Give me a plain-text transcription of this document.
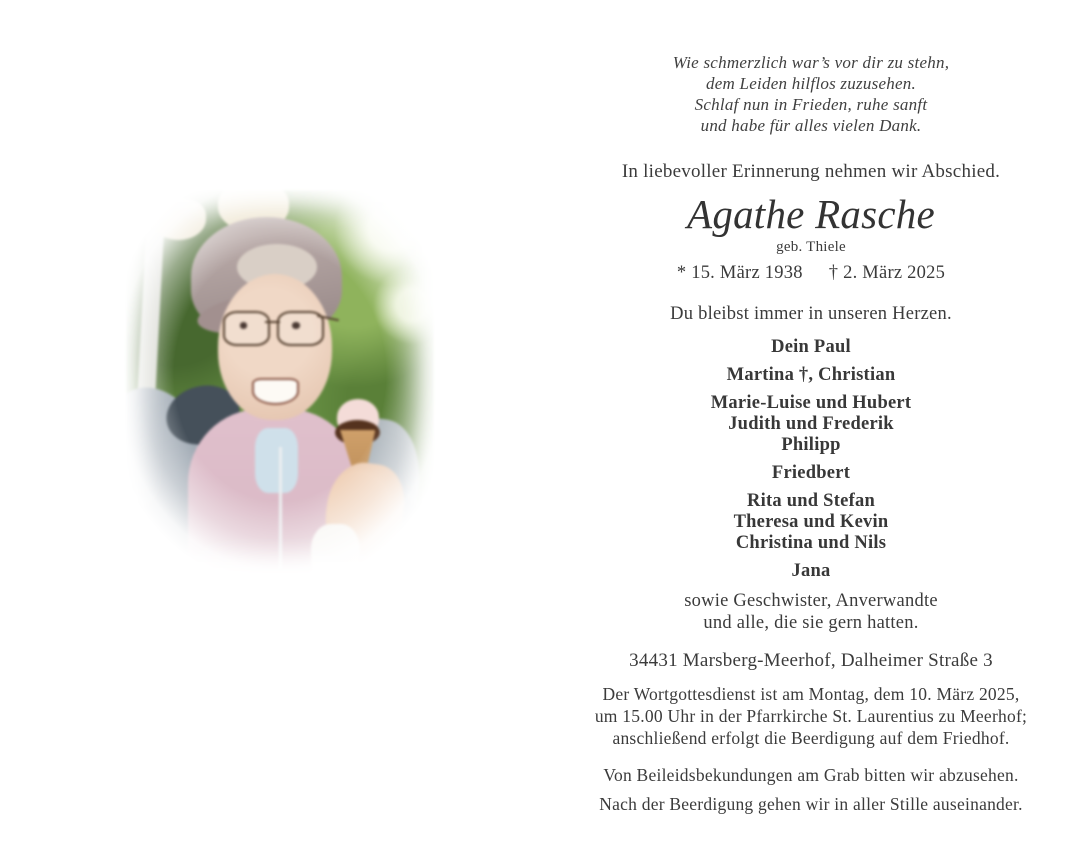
Wie schmerzlich war’s vor dir zu stehn,
dem Leiden hilflos zuzusehen.
Schlaf nun in Frieden, ruhe sanft
und habe für alles vielen Dank.
In liebevoller Erinnerung nehmen wir Abschied.
Agathe Rasche
geb. Thiele
* 15. März 1938 † 2. März 2025
Du bleibst immer in unseren Herzen.
Dein Paul
Martina †, Christian
Marie-Luise und Hubert
Judith und Frederik
Philipp
Friedbert
Rita und Stefan
Theresa und Kevin
Christina und Nils
Jana
sowie Geschwister, Anverwandte
und alle, die sie gern hatten.
34431 Marsberg-Meerhof, Dalheimer Straße 3
Der Wortgottesdienst ist am Montag, dem 10. März 2025,
um 15.00 Uhr in der Pfarrkirche St. Laurentius zu Meerhof;
anschließend erfolgt die Beerdigung auf dem Friedhof.
Von Beileidsbekundungen am Grab bitten wir abzusehen.
Nach der Beerdigung gehen wir in aller Stille auseinander.
